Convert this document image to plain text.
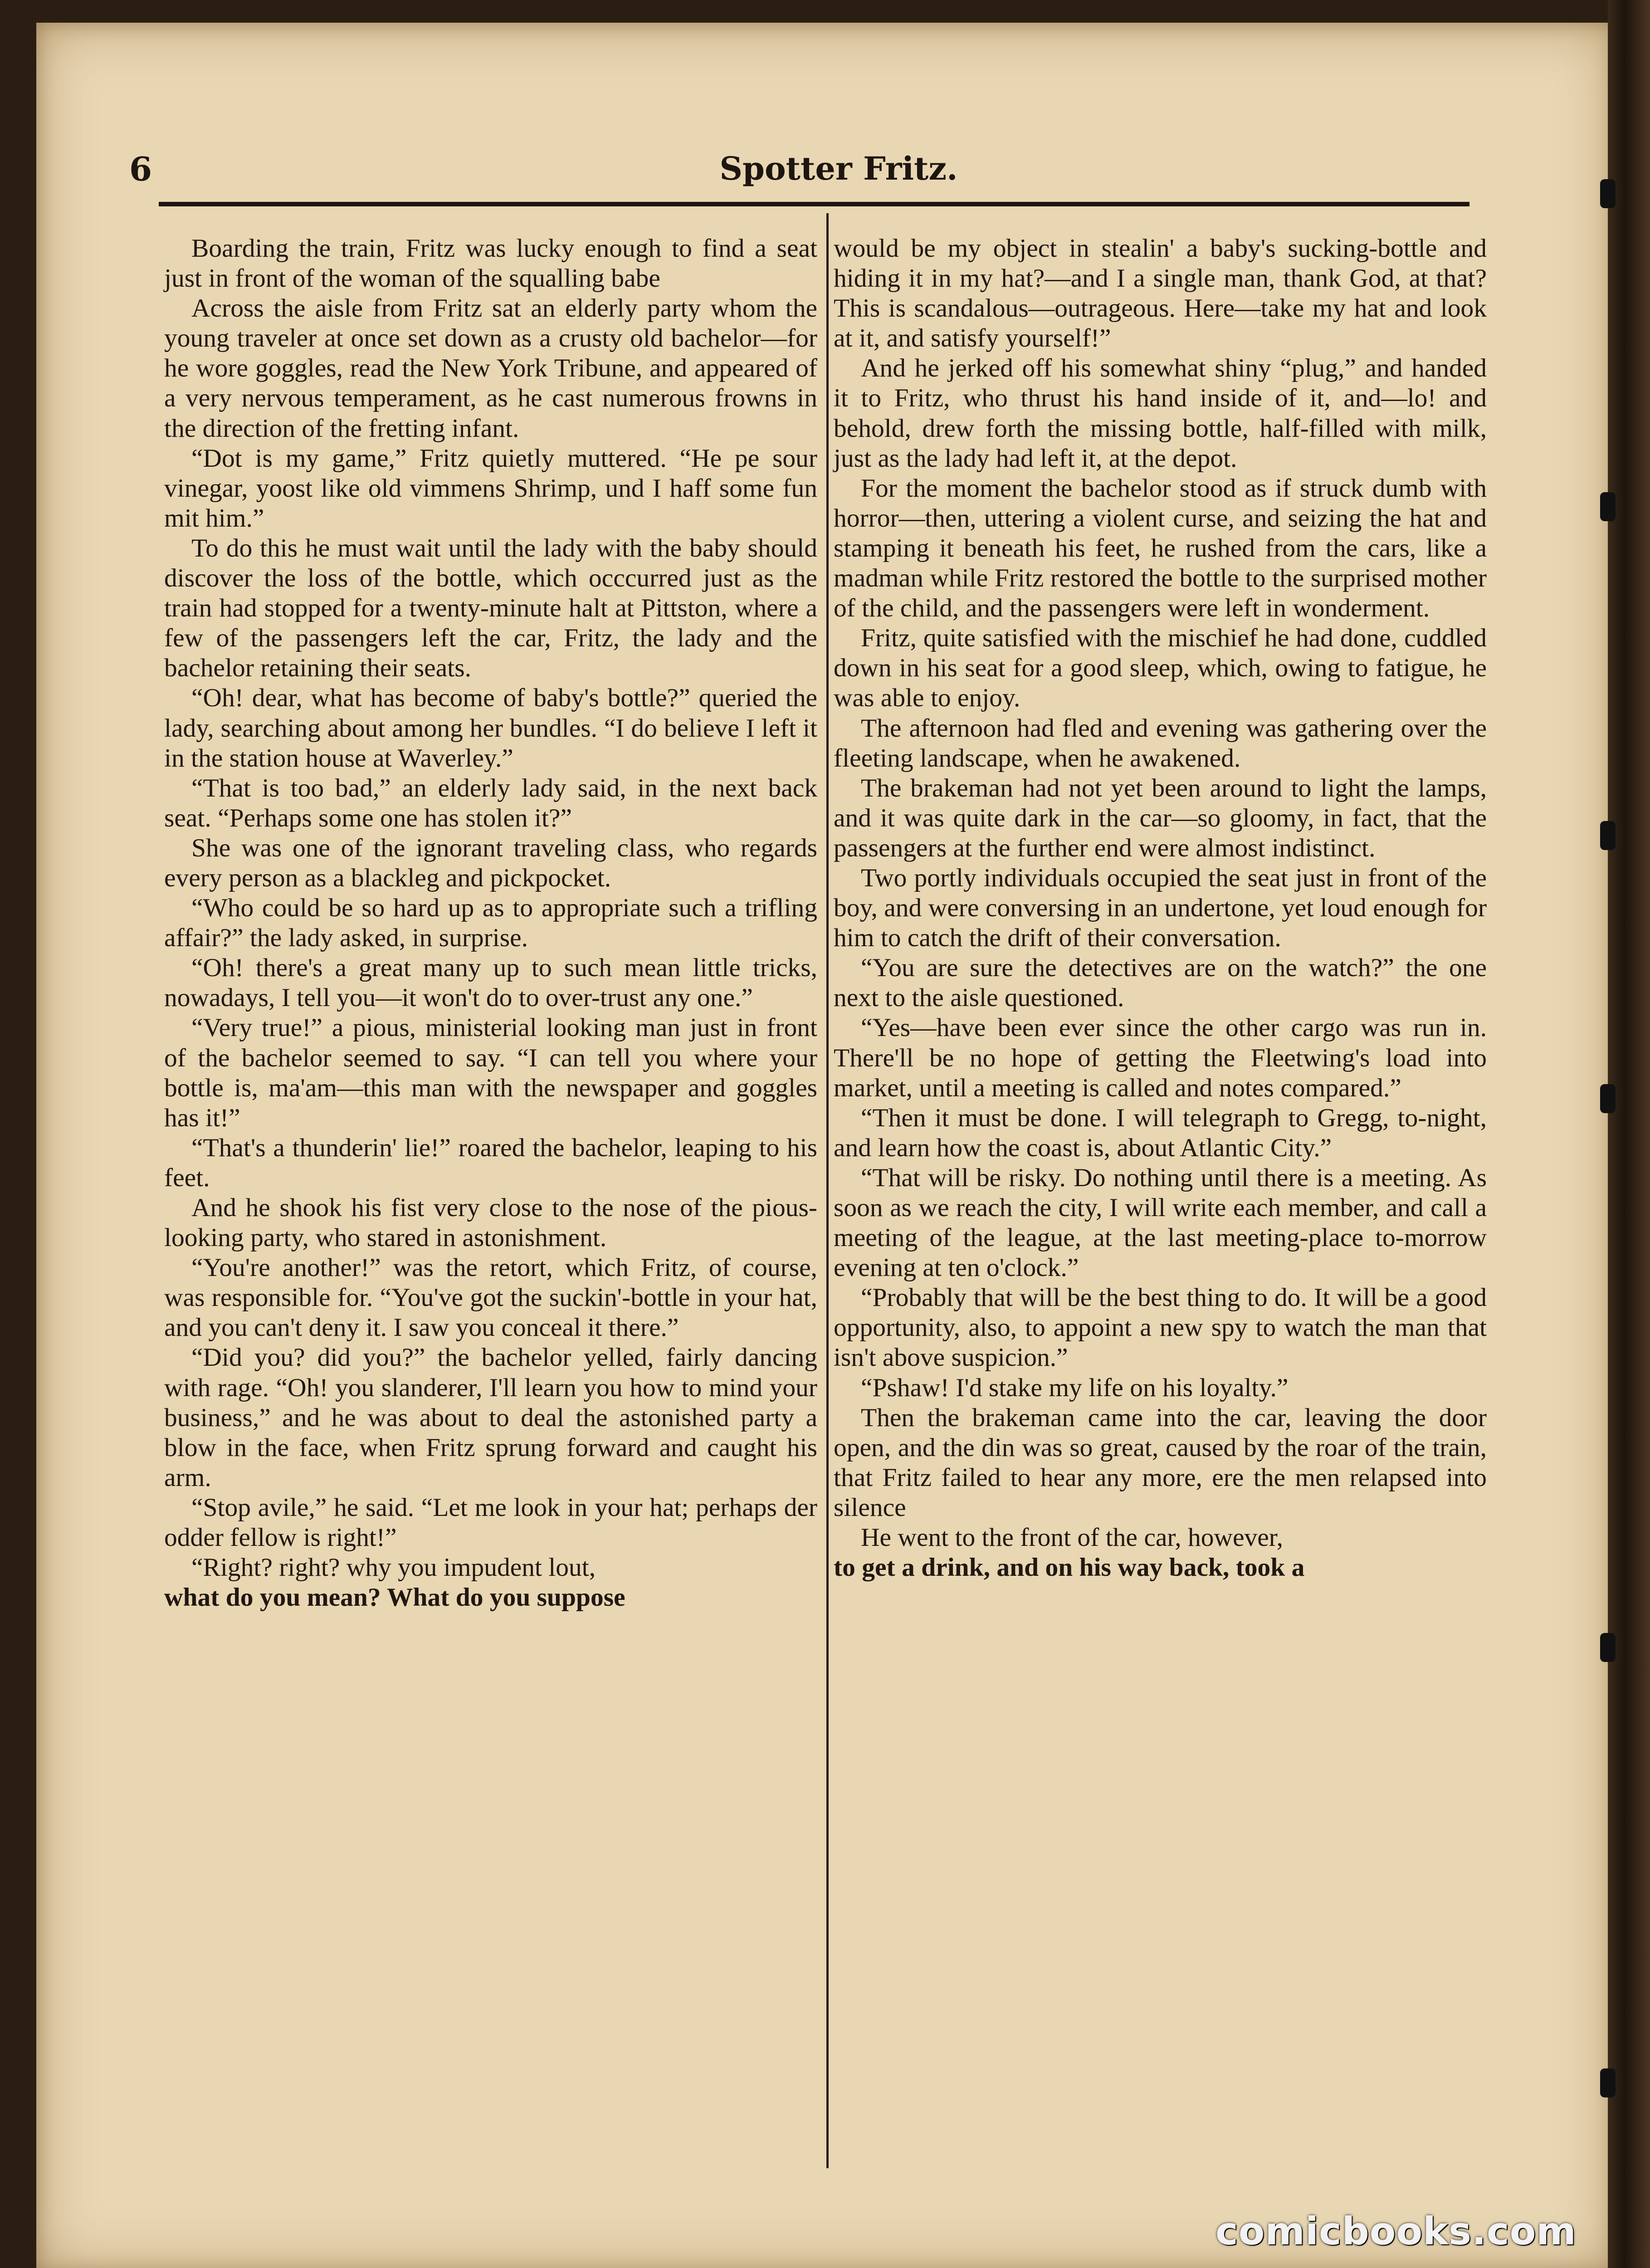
6	Spotter Fritz.

Boarding the train, Fritz was lucky enough to find a seat just in front of the woman of the squalling babe

Across the aisle from Fritz sat an elderly party whom the young traveler at once set down as a crusty old bachelor—for he wore goggles, read the New York Tribune, and appeared of a very nervous temperament, as he cast numerous frowns in the direction of the fretting infant.

“Dot is my game,” Fritz quietly muttered. “He pe sour vinegar, yoost like old vimmens Shrimp, und I haff some fun mit him.”

To do this he must wait until the lady with the baby should discover the loss of the bottle, which occcurred just as the train had stopped for a twenty-minute halt at Pittston, where a few of the passengers left the car, Fritz, the lady and the bachelor retaining their seats.

“Oh! dear, what has become of baby's bottle?” queried the lady, searching about among her bundles. “I do believe I left it in the station house at Waverley.”

“That is too bad,” an elderly lady said, in the next back seat. “Perhaps some one has stolen it?”

She was one of the ignorant traveling class, who regards every person as a blackleg and pickpocket.

“Who could be so hard up as to appropriate such a trifling affair?” the lady asked, in surprise.

“Oh! there's a great many up to such mean little tricks, nowadays, I tell you—it won't do to over-trust any one.”

“Very true!” a pious, ministerial looking man just in front of the bachelor seemed to say. “I can tell you where your bottle is, ma'am—this man with the newspaper and goggles has it!”

“That's a thunderin' lie!” roared the bachelor, leaping to his feet.

And he shook his fist very close to the nose of the pious-looking party, who stared in astonishment.

“You're another!” was the retort, which Fritz, of course, was responsible for. “You've got the suckin'-bottle in your hat, and you can't deny it. I saw you conceal it there.”

“Did you? did you?” the bachelor yelled, fairly dancing with rage. “Oh! you slanderer, I'll learn you how to mind your business,” and he was about to deal the astonished party a blow in the face, when Fritz sprung forward and caught his arm.

“Stop avile,” he said. “Let me look in your hat; perhaps der odder fellow is right!”

“Right? right? why you impudent lout,

what do you mean? What do you suppose

would be my object in stealin' a baby's sucking-bottle and hiding it in my hat?—and I a single man, thank God, at that? This is scandalous—outrageous. Here—take my hat and look at it, and satisfy yourself!”

And he jerked off his somewhat shiny “plug,” and handed it to Fritz, who thrust his hand inside of it, and—lo! and behold, drew forth the missing bottle, half-filled with milk, just as the lady had left it, at the depot.

For the moment the bachelor stood as if struck dumb with horror—then, uttering a violent curse, and seizing the hat and stamping it beneath his feet, he rushed from the cars, like a madman while Fritz restored the bottle to the surprised mother of the child, and the passengers were left in wonderment.

Fritz, quite satisfied with the mischief he had done, cuddled down in his seat for a good sleep, which, owing to fatigue, he was able to enjoy.

The afternoon had fled and evening was gathering over the fleeting landscape, when he awakened.

The brakeman had not yet been around to light the lamps, and it was quite dark in the car—so gloomy, in fact, that the passengers at the further end were almost indistinct.

Two portly individuals occupied the seat just in front of the boy, and were conversing in an undertone, yet loud enough for him to catch the drift of their conversation.

“You are sure the detectives are on the watch?” the one next to the aisle questioned.

“Yes—have been ever since the other cargo was run in. There'll be no hope of getting the Fleetwing's load into market, until a meeting is called and notes compared.”

“Then it must be done. I will telegraph to Gregg, to-night, and learn how the coast is, about Atlantic City.”

“That will be risky. Do nothing until there is a meeting. As soon as we reach the city, I will write each member, and call a meeting of the league, at the last meeting-place to-morrow evening at ten o'clock.”

“Probably that will be the best thing to do. It will be a good opportunity, also, to appoint a new spy to watch the man that isn't above suspicion.”

“Pshaw! I'd stake my life on his loyalty.”

Then the brakeman came into the car, leaving the door open, and the din was so great, caused by the roar of the train, that Fritz failed to hear any more, ere the men relapsed into silence

He went to the front of the car, however,

to get a drink, and on his way back, took a

comicbooks.com
